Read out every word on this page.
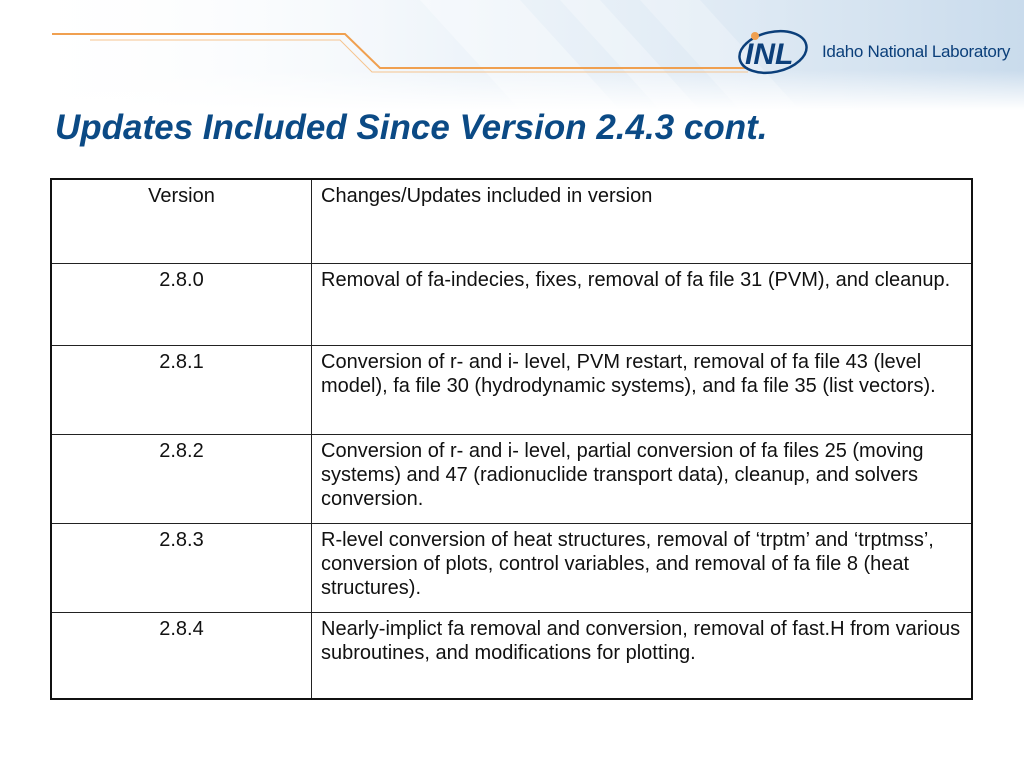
INL Idaho National Laboratory
Updates Included Since Version 2.4.3 cont.
Version	Changes/Updates included in version
2.8.0	Removal of fa-indecies, fixes, removal of fa file 31 (PVM), and cleanup.
2.8.1	Conversion of r- and i- level, PVM restart, removal of fa file 43 (level model), fa file 30 (hydrodynamic systems), and fa file 35 (list vectors).
2.8.2	Conversion of r- and i- level, partial conversion of fa files 25 (moving systems) and 47 (radionuclide transport data), cleanup, and solvers conversion.
2.8.3	R-level conversion of heat structures, removal of ‘trptm’ and ‘trptmss’, conversion of plots, control variables, and removal of fa file 8 (heat structures).
2.8.4	Nearly-implict fa removal and conversion, removal of fast.H from various subroutines, and modifications for plotting.
